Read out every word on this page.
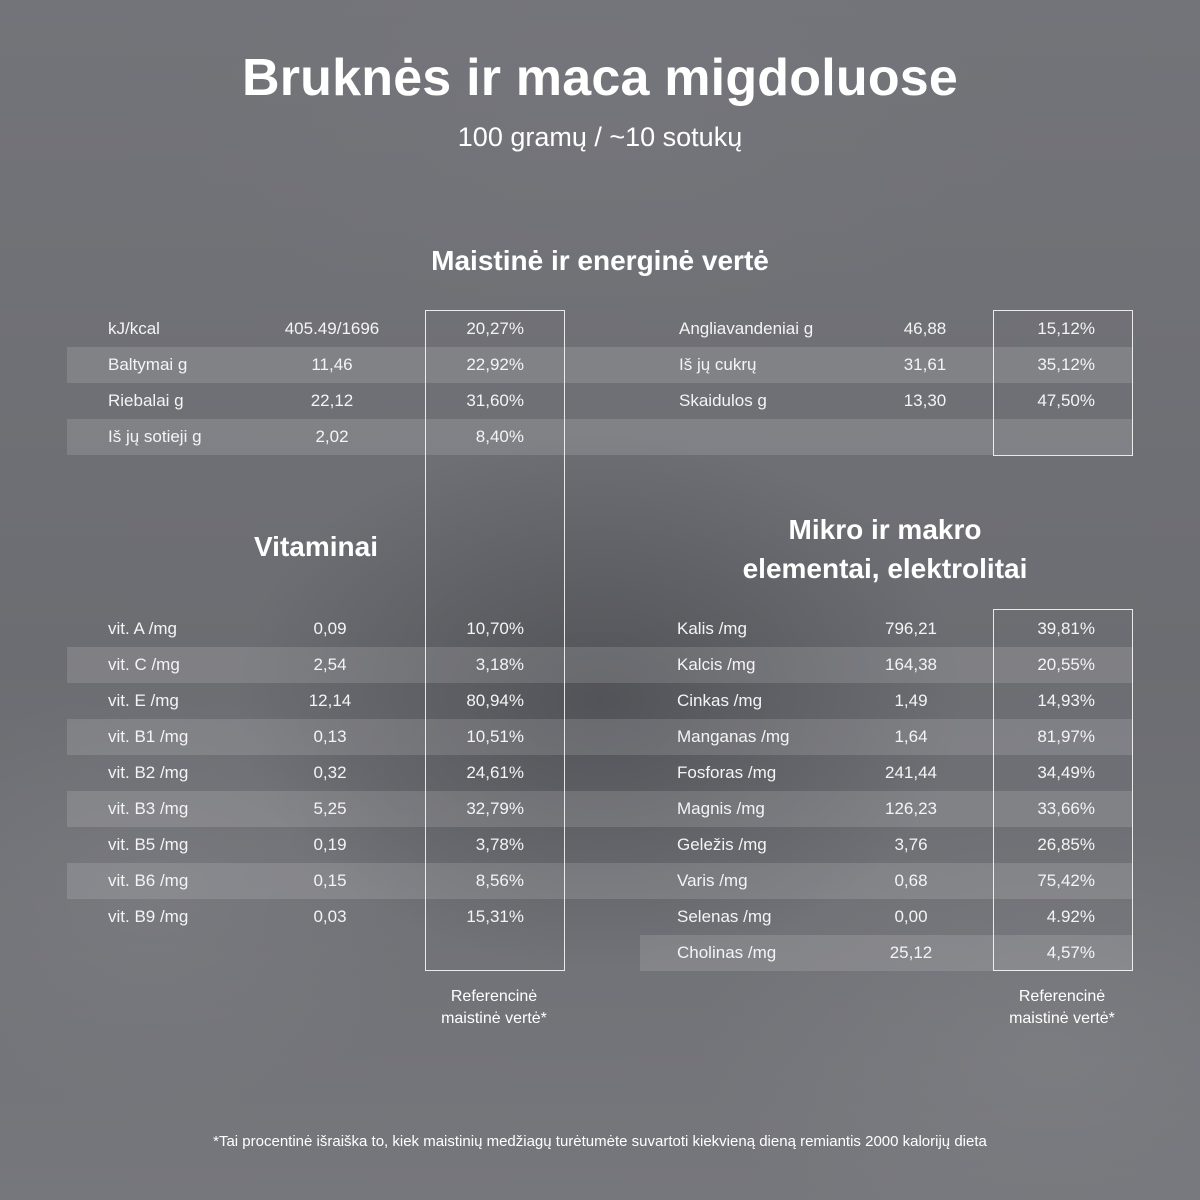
Bruknės ir maca migdoluose
100 gramų / ~10 sotukų
Maistinė ir energinė vertė
Vitaminai
Mikro ir makro
elementai, elektrolitai
kJ/kcal	405.49/1696	20,27%
Baltymai g	11,46	22,92%
Riebalai g	22,12	31,60%
Iš jų sotieji g	2,02	8,40%
Angliavandeniai g	46,88	15,12%
Iš jų cukrų	31,61	35,12%
Skaidulos g	13,30	47,50%
vit. A /mg	0,09	10,70%
vit. C /mg	2,54	3,18%
vit. E /mg	12,14	80,94%
vit. B1 /mg	0,13	10,51%
vit. B2 /mg	0,32	24,61%
vit. B3 /mg	5,25	32,79%
vit. B5 /mg	0,19	3,78%
vit. B6 /mg	0,15	8,56%
vit. B9 /mg	0,03	15,31%
Kalis /mg	796,21	39,81%
Kalcis /mg	164,38	20,55%
Cinkas /mg	1,49	14,93%
Manganas /mg	1,64	81,97%
Fosforas /mg	241,44	34,49%
Magnis /mg	126,23	33,66%
Geležis /mg	3,76	26,85%
Varis /mg	0,68	75,42%
Selenas /mg	0,00	4.92%
Cholinas /mg	25,12	4,57%
Referencinė
maistinė vertė*
Referencinė
maistinė vertė*
*Tai procentinė išraiška to, kiek maistinių medžiagų turėtumėte suvartoti kiekvieną dieną remiantis 2000 kalorijų dieta
